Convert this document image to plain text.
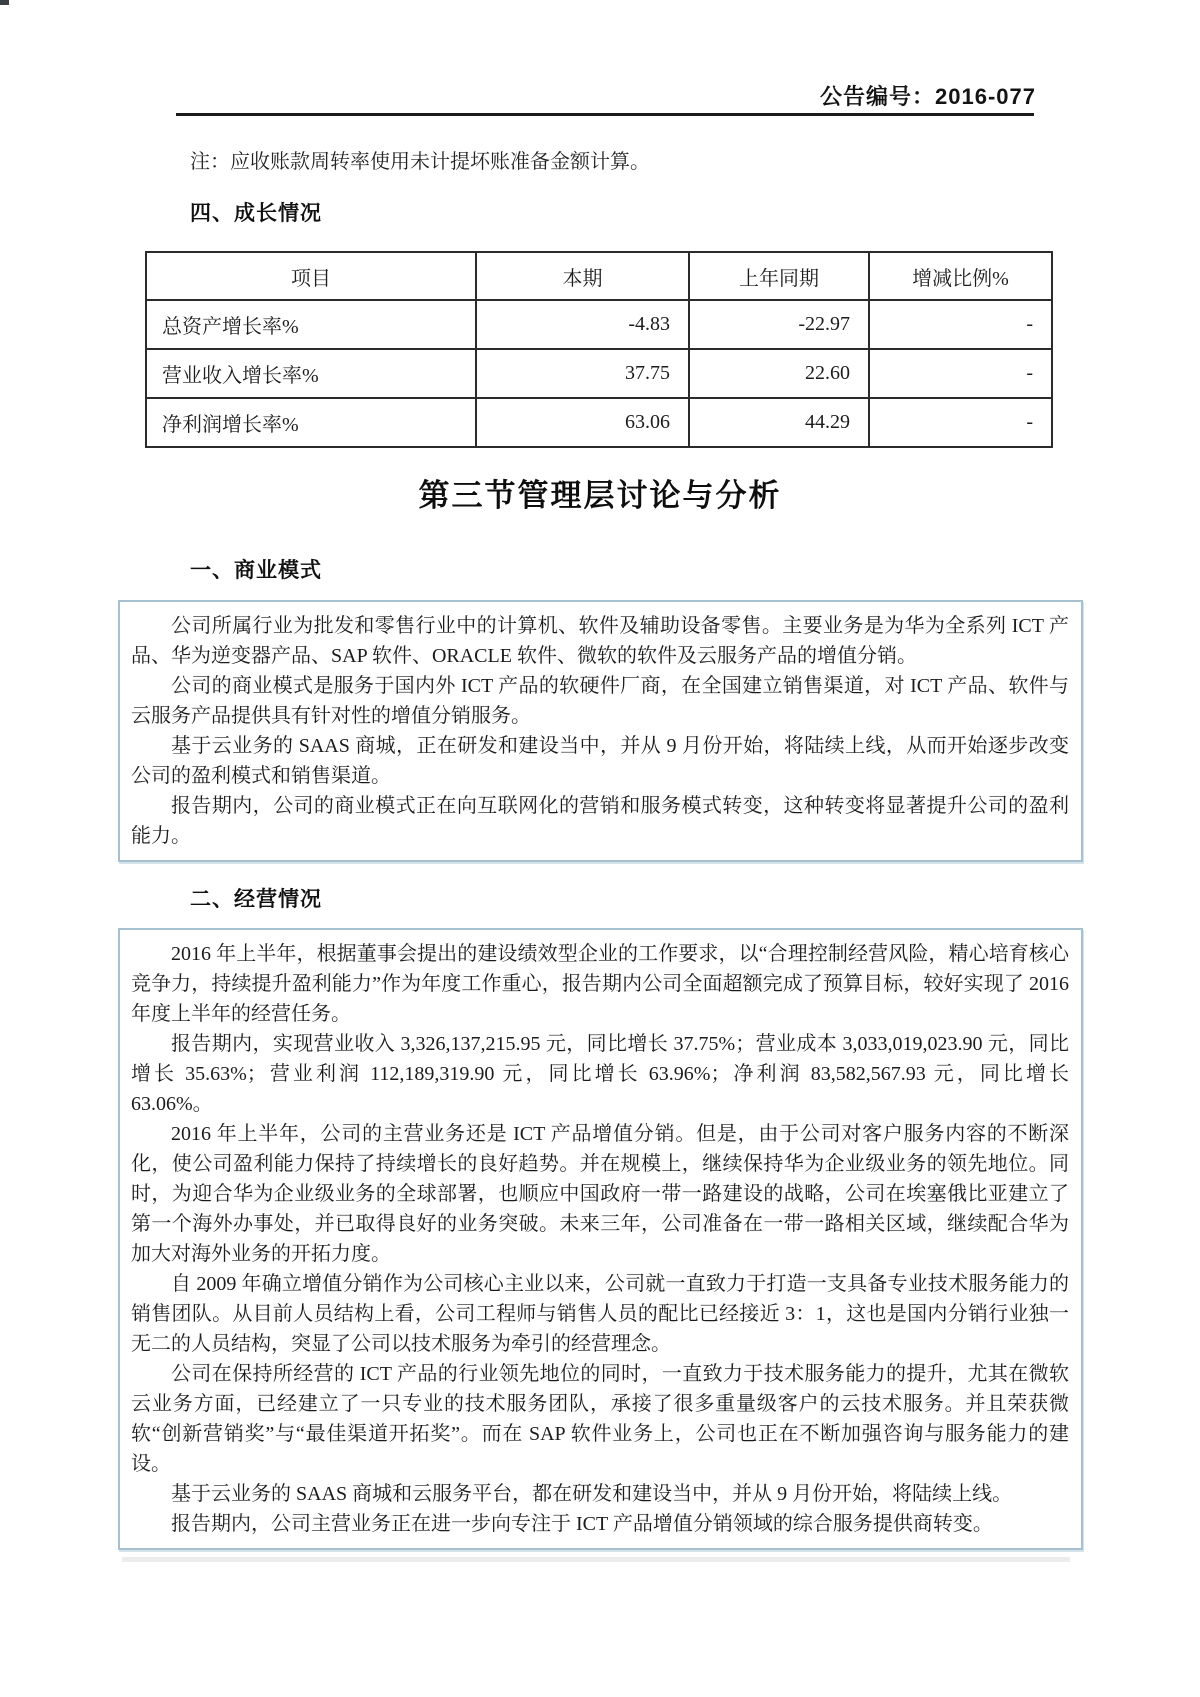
公告编号：2016-077
注：应收账款周转率使用未计提坏账准备金额计算。
四、成长情况
项目	本期	上年同期	增减比例%
总资产增长率%	-4.83	-22.97	-
营业收入增长率%	37.75	22.60	-
净利润增长率%	63.06	44.29	-
第三节管理层讨论与分析
一、商业模式

公司所属行业为批发和零售行业中的计算机、软件及辅助设备零售。主要业务是为华为全系列 ICT 产品、华为逆变器产品、SAP 软件、ORACLE 软件、微软的软件及云服务产品的增值分销。

公司的商业模式是服务于国内外 ICT 产品的软硬件厂商，在全国建立销售渠道，对 ICT 产品、软件与云服务产品提供具有针对性的增值分销服务。

基于云业务的 SAAS 商城，正在研发和建设当中，并从 9 月份开始，将陆续上线，从而开始逐步改变公司的盈利模式和销售渠道。

报告期内，公司的商业模式正在向互联网化的营销和服务模式转变，这种转变将显著提升公司的盈利能力。

二、经营情况

2016 年上半年，根据董事会提出的建设绩效型企业的工作要求，以“合理控制经营风险，精心培育核心竞争力，持续提升盈利能力”作为年度工作重心，报告期内公司全面超额完成了预算目标，较好实现了 2016 年度上半年的经营任务。

报告期内，实现营业收入 3,326,137,215.95 元，同比增长 37.75%；营业成本 3,033,019,023.90 元，同比增长 35.63%；营业利润 112,189,319.90 元，同比增长 63.96%；净利润 83,582,567.93 元，同比增长 63.06%。

2016 年上半年，公司的主营业务还是 ICT 产品增值分销。但是，由于公司对客户服务内容的不断深化，使公司盈利能力保持了持续增长的良好趋势。并在规模上，继续保持华为企业级业务的领先地位。同时，为迎合华为企业级业务的全球部署，也顺应中国政府一带一路建设的战略，公司在埃塞俄比亚建立了第一个海外办事处，并已取得良好的业务突破。未来三年，公司准备在一带一路相关区域，继续配合华为加大对海外业务的开拓力度。

自 2009 年确立增值分销作为公司核心主业以来，公司就一直致力于打造一支具备专业技术服务能力的销售团队。从目前人员结构上看，公司工程师与销售人员的配比已经接近 3：1，这也是国内分销行业独一无二的人员结构，突显了公司以技术服务为牵引的经营理念。

公司在保持所经营的 ICT 产品的行业领先地位的同时，一直致力于技术服务能力的提升，尤其在微软云业务方面，已经建立了一只专业的技术服务团队，承接了很多重量级客户的云技术服务。并且荣获微软“创新营销奖”与“最佳渠道开拓奖”。而在 SAP 软件业务上，公司也正在不断加强咨询与服务能力的建设。

基于云业务的 SAAS 商城和云服务平台，都在研发和建设当中，并从 9 月份开始，将陆续上线。

报告期内，公司主营业务正在进一步向专注于 ICT 产品增值分销领域的综合服务提供商转变。
